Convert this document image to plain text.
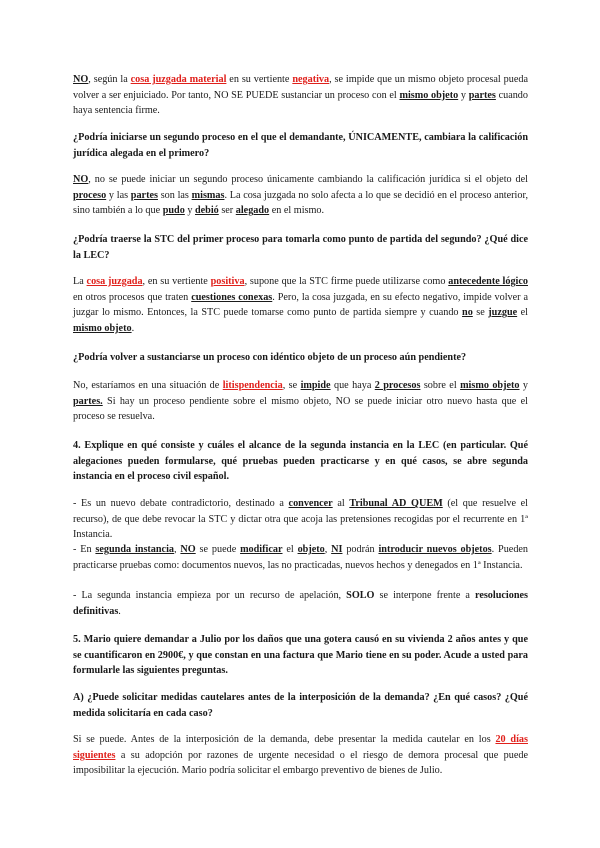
NO, según la cosa juzgada material en su vertiente negativa, se impide que un mismo objeto procesal pueda volver a ser enjuiciado. Por tanto, NO SE PUEDE sustanciar un proceso con el mismo objeto y partes cuando haya sentencia firme.

¿Podría iniciarse un segundo proceso en el que el demandante, ÚNICAMENTE, cambiara la calificación jurídica alegada en el primero?

NO, no se puede iniciar un segundo proceso únicamente cambiando la calificación jurídica si el objeto del proceso y las partes son las mismas. La cosa juzgada no solo afecta a lo que se decidió en el proceso anterior, sino también a lo que pudo y debió ser alegado en el mismo.

¿Podría traerse la STC del primer proceso para tomarla como punto de partida del segundo? ¿Qué dice la LEC?

La cosa juzgada, en su vertiente positiva, supone que la STC firme puede utilizarse como antecedente lógico en otros procesos que traten cuestiones conexas. Pero, la cosa juzgada, en su efecto negativo, impide volver a juzgar lo mismo. Entonces, la STC puede tomarse como punto de partida siempre y cuando no se juzgue el mismo objeto.

¿Podría volver a sustanciarse un proceso con idéntico objeto de un proceso aún pendiente?

No, estaríamos en una situación de litispendencia, se impide que haya 2 procesos sobre el mismo objeto y partes. Si hay un proceso pendiente sobre el mismo objeto, NO se puede iniciar otro nuevo hasta que el proceso se resuelva.

4. Explique en qué consiste y cuáles el alcance de la segunda instancia en la LEC (en particular. Qué alegaciones pueden formularse, qué pruebas pueden practicarse y en qué casos, se abre segunda instancia en el proceso civil español.

- Es un nuevo debate contradictorio, destinado a convencer al Tribunal AD QUEM (el que resuelve el recurso), de que debe revocar la STC y dictar otra que acoja las pretensiones recogidas por el recurrente en 1ª Instancia.

- En segunda instancia, NO se puede modificar el objeto, NI podrán introducir nuevos objetos. Pueden practicarse pruebas como: documentos nuevos, las no practicadas, nuevos hechos y denegados en 1ª Instancia.

- La segunda instancia empieza por un recurso de apelación, SOLO se interpone frente a resoluciones definitivas.

5. Mario quiere demandar a Julio por los daños que una gotera causó en su vivienda 2 años antes y que se cuantificaron en 2900€, y que constan en una factura que Mario tiene en su poder. Acude a usted para formularle las siguientes preguntas.

A) ¿Puede solicitar medidas cautelares antes de la interposición de la demanda? ¿En qué casos? ¿Qué medida solicitaría en cada caso?

Si se puede. Antes de la interposición de la demanda, debe presentar la medida cautelar en los 20 días siguientes a su adopción por razones de urgente necesidad o el riesgo de demora procesal que puede imposibilitar la ejecución. Mario podría solicitar el embargo preventivo de bienes de Julio.
